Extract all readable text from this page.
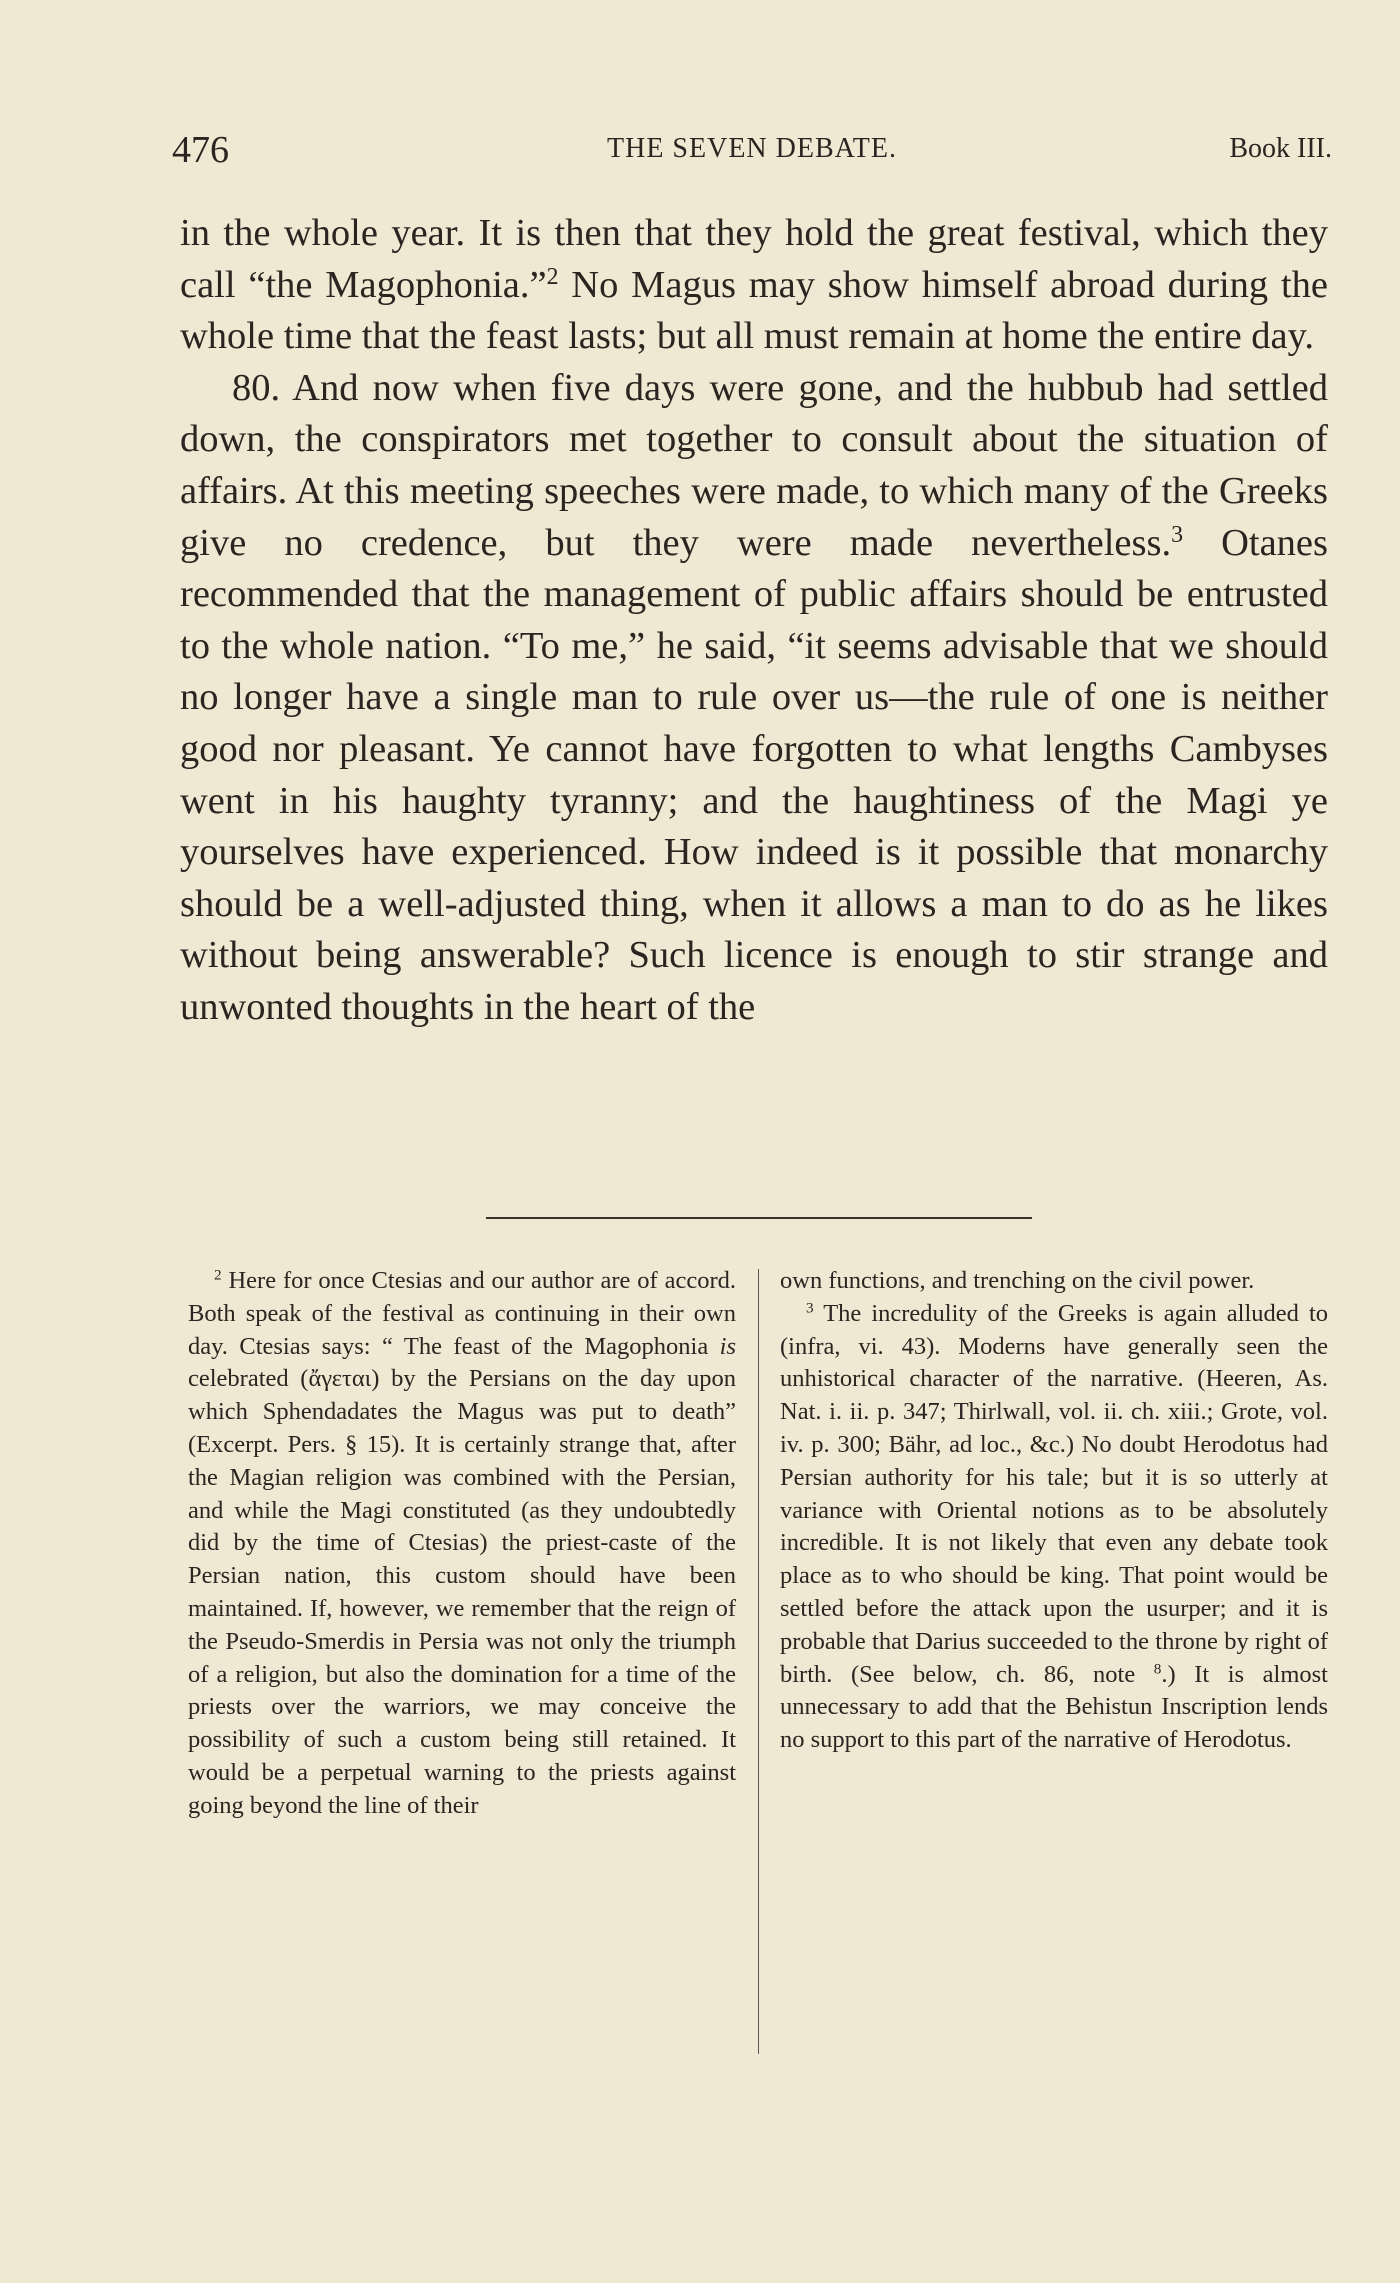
476	THE SEVEN DEBATE.	Book III.

in the whole year. It is then that they hold the great festival, which they call “the Magophonia.”$^2$ No Magus may show himself abroad during the whole time that the feast lasts; but all must remain at home the entire day.

80. And now when five days were gone, and the hubbub had settled down, the conspirators met together to consult about the situation of affairs. At this meeting speeches were made, to which many of the Greeks give no credence, but they were made nevertheless.$^3$ Otanes recommended that the management of public affairs should be entrusted to the whole nation. “To me,” he said, “it seems advisable that we should no longer have a single man to rule over us—the rule of one is neither good nor pleasant. Ye cannot have forgotten to what lengths Cambyses went in his haughty tyranny; and the haughtiness of the Magi ye yourselves have experienced. How indeed is it possible that monarchy should be a well-adjusted thing, when it allows a man to do as he likes without being answerable? Such licence is enough to stir strange and unwonted thoughts in the heart of the

$^2$ Here for once Ctesias and our author are of accord. Both speak of the festival as continuing in their own day. Ctesias says: “ The feast of the Magophonia is celebrated (ἄγεται) by the Persians on the day upon which Sphendadates the Magus was put to death” (Excerpt. Pers. § 15). It is certainly strange that, after the Magian religion was combined with the Persian, and while the Magi constituted (as they undoubtedly did by the time of Ctesias) the priest-caste of the Persian nation, this custom should have been maintained. If, however, we remember that the reign of the Pseudo-Smerdis in Persia was not only the triumph of a religion, but also the domination for a time of the priests over the warriors, we may conceive the possibility of such a custom being still retained. It would be a perpetual warning to the priests against going beyond the line of their

own functions, and trenching on the civil power.

$^3$ The incredulity of the Greeks is again alluded to (infra, vi. 43). Moderns have generally seen the unhistorical character of the narrative. (Heeren, As. Nat. i. ii. p. 347; Thirlwall, vol. ii. ch. xiii.; Grote, vol. iv. p. 300; Bähr, ad loc., &c.) No doubt Herodotus had Persian authority for his tale; but it is so utterly at variance with Oriental notions as to be absolutely incredible. It is not likely that even any debate took place as to who should be king. That point would be settled before the attack upon the usurper; and it is probable that Darius succeeded to the throne by right of birth. (See below, ch. 86, note $^8$.) It is almost unnecessary to add that the Behistun Inscription lends no support to this part of the narrative of Herodotus.
